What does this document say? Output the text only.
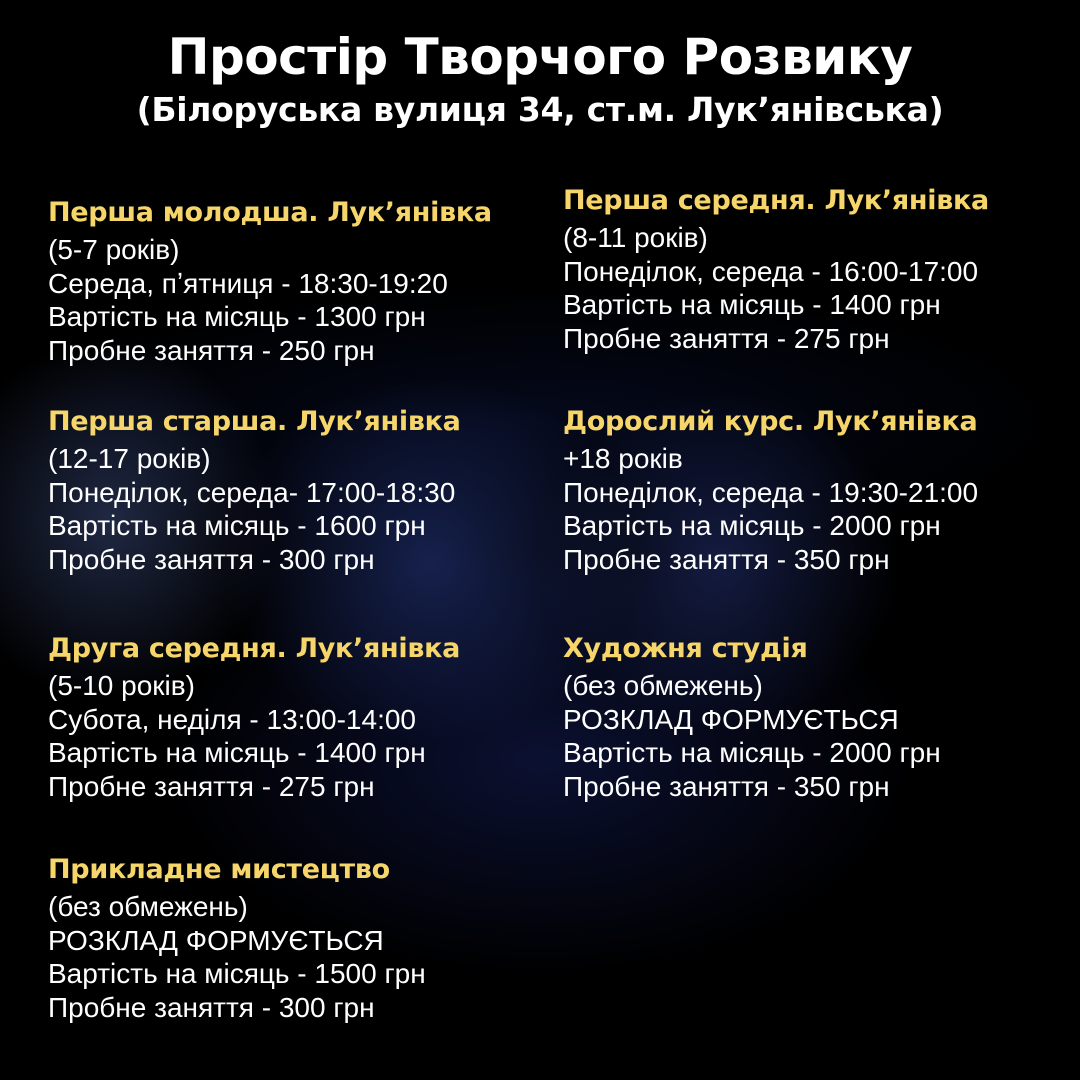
Простір Творчого Розвику
(Білоруська вулиця 34, ст.м. Лук’янівська)
Перша молодша. Лук’янівка
(5-7 років)
Середа, пʼятниця - 18:30-19:20
Вартість на місяць - 1300 грн
Пробне заняття - 250 грн
Перша середня. Лук’янівка
(8-11 років)
Понеділок, середа - 16:00-17:00
Вартість на місяць - 1400 грн
Пробне заняття - 275 грн
Перша старша. Лук’янівка
(12-17 років)
Понеділок, середа- 17:00-18:30
Вартість на місяць - 1600 грн
Пробне заняття - 300 грн
Дорослий курс. Лук’янівка
+18 років
Понеділок, середа - 19:30-21:00
Вартість на місяць - 2000 грн
Пробне заняття - 350 грн
Друга середня. Лук’янівка
(5-10 років)
Субота, неділя - 13:00-14:00
Вартість на місяць - 1400 грн
Пробне заняття - 275 грн
Художня студія
(без обмежень)
РОЗКЛАД ФОРМУЄТЬСЯ
Вартість на місяць - 2000 грн
Пробне заняття - 350 грн
Прикладне мистецтво
(без обмежень)
РОЗКЛАД ФОРМУЄТЬСЯ
Вартість на місяць - 1500 грн
Пробне заняття - 300 грн
